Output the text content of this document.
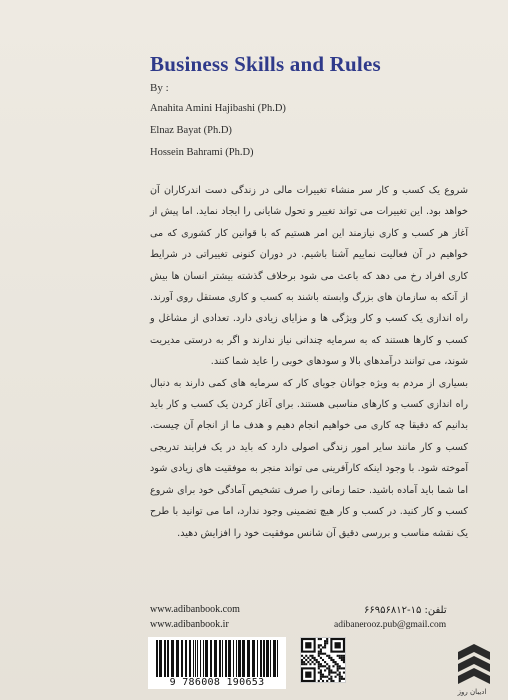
Business Skills and Rules
By :
Anahita Amini Hajibashi (Ph.D)
Elnaz Bayat (Ph.D)
Hossein Bahrami (Ph.D)

شروع یک کسب و کار سر منشاء تغییرات مالی در زندگی دست اندرکاران آن خواهد بود. این تغییرات می تواند تغییر و تحول شایانی را ایجاد نماید. اما پیش از آغاز هر کسب و کاری نیازمند این امر هستیم که با قوانین کار کشوری که می خواهیم در آن فعالیت نماییم آشنا باشیم. در دوران کنونی تغییراتی در شرایط کاری افراد رخ می دهد که باعث می شود برخلاف گذشته بیشتر انسان ها بیش از آنکه به سازمان های بزرگ وابسته باشند به کسب و کاری مستقل روی آورند. راه اندازی یک کسب و کار ویژگی ها و مزایای زیادی دارد. تعدادی از مشاغل و کسب و کارها هستند که به سرمایه چندانی نیاز ندارند و اگر به درستی مدیریت شوند، می توانند درآمدهای بالا و سودهای خوبی را عاید شما کنند.

بسیاری از مردم به ویژه جوانان جویای کار که سرمایه های کمی دارند به دنبال راه اندازی کسب و کارهای مناسبی هستند. برای آغاز کردن یک کسب و کار باید بدانیم که دقیقا چه کاری می خواهیم انجام دهیم و هدف ما از انجام آن چیست. کسب و کار مانند سایر امور زندگی اصولی دارد که باید در یک فرایند تدریجی آموخته شود. با وجود اینکه کارآفرینی می تواند منجر به موفقیت های زیادی شود اما شما باید آماده باشید. حتما زمانی را صرف تشخیص آمادگی خود برای شروع کسب و کار کنید. در کسب و کار هیچ تضمینی وجود ندارد، اما می توانید با طرح یک نقشه مناسب و بررسی دقیق آن شانس موفقیت خود را افزایش دهید.

www.adibanbook.com
www.adibanbook.ir
تلفن: ۱۵-۶۶۹۵۶۸۱۲
adibanerooz.pub@gmail.com
9 786008 190653
ادیبان روز
